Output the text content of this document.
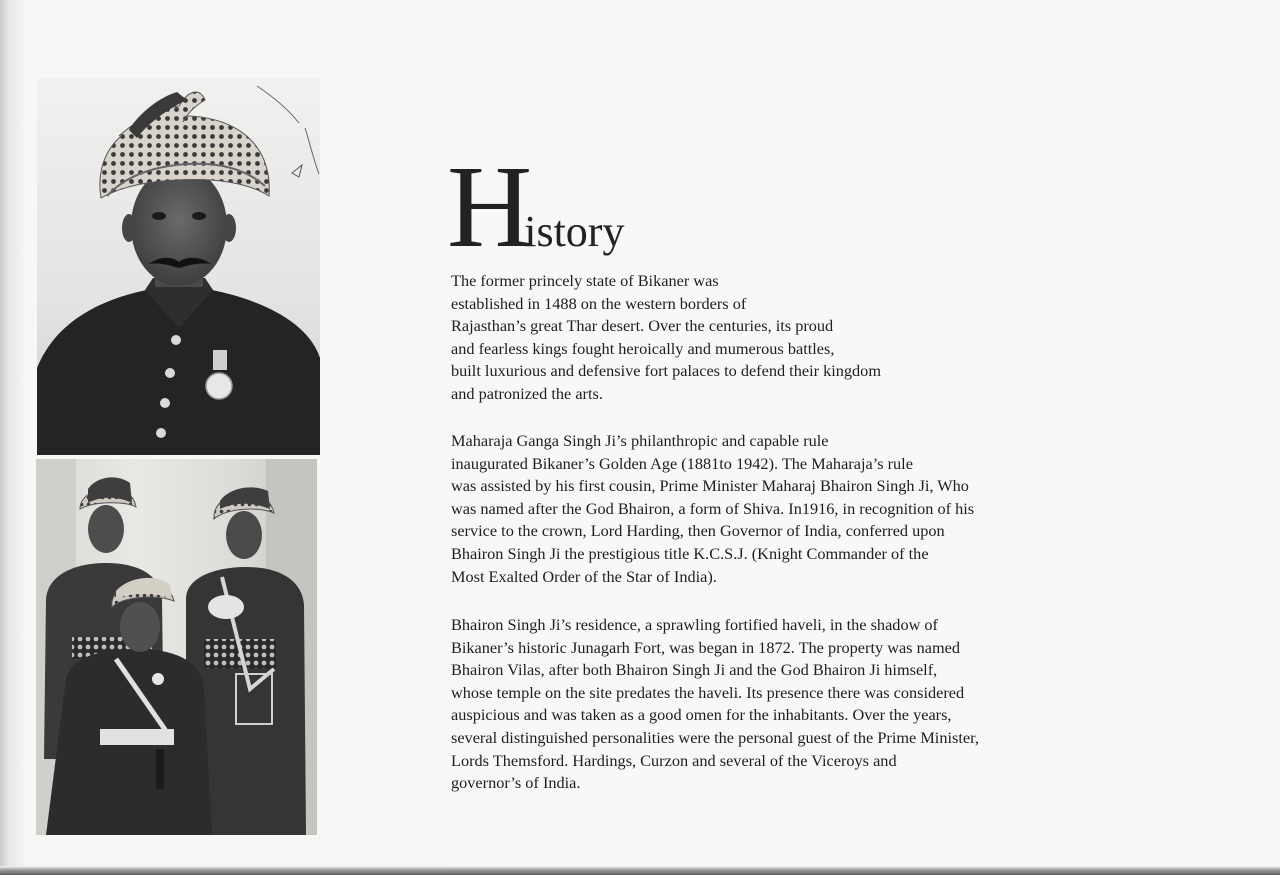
History
The former princely state of Bikaner was
established in 1488 on the western borders of
Rajasthan’s great Thar desert. Over the centuries, its proud
and fearless kings fought heroically and mumerous battles,
built luxurious and defensive fort palaces to defend their kingdom
and patronized the arts.
Maharaja Ganga Singh Ji’s philanthropic and capable rule
inaugurated Bikaner’s Golden Age (1881to 1942). The Maharaja’s rule
was assisted by his first cousin, Prime Minister Maharaj Bhairon Singh Ji, Who
was named after the God Bhairon, a form of Shiva. In1916, in recognition of his
service to the crown, Lord Harding, then Governor of India, conferred upon
Bhairon Singh Ji the prestigious title K.C.S.J. (Knight Commander of the
Most Exalted Order of the Star of India).
Bhairon Singh Ji’s residence, a sprawling fortified haveli, in the shadow of
Bikaner’s historic Junagarh Fort, was began in 1872. The property was named
Bhairon Vilas, after both Bhairon Singh Ji and the God Bhairon Ji himself,
whose temple on the site predates the haveli. Its presence there was considered
auspicious and was taken as a good omen for the inhabitants. Over the years,
several distinguished personalities were the personal guest of the Prime Minister,
Lords Themsford. Hardings, Curzon and several of the Viceroys and
governor’s of India.
